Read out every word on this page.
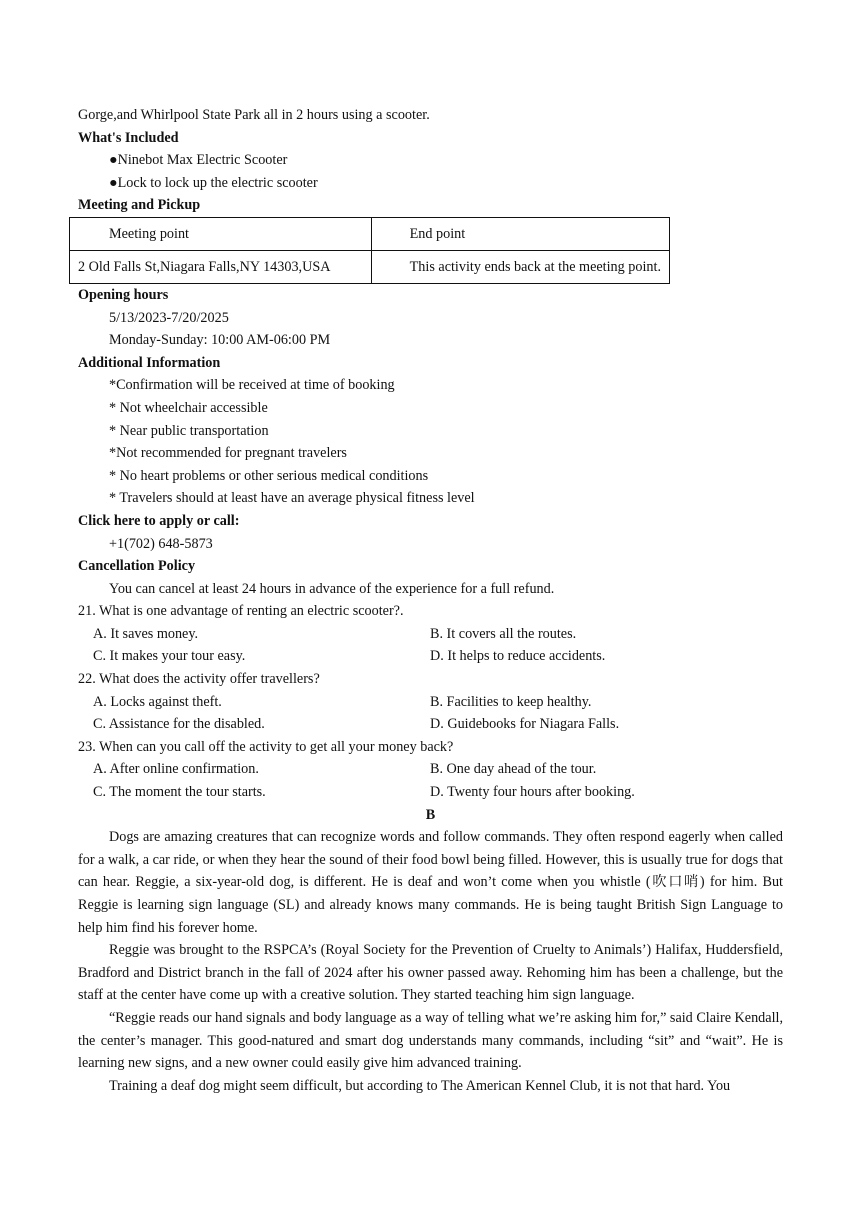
Gorge,and Whirlpool State Park all in 2 hours using a scooter.
What's Included
●Ninebot Max Electric Scooter
●Lock to lock up the electric scooter
Meeting and Pickup
Meeting point	End point
2 Old Falls St,Niagara Falls,NY 14303,USA	This activity ends back at the meeting point.
Opening hours
5/13/2023-7/20/2025
Monday-Sunday: 10:00 AM-06:00 PM
Additional Information
*Confirmation will be received at time of booking
* Not wheelchair accessible
* Near public transportation
*Not recommended for pregnant travelers
* No heart problems or other serious medical conditions
* Travelers should at least have an average physical fitness level
Click here to apply or call:
+1(702) 648-5873
Cancellation Policy
You can cancel at least 24 hours in advance of the experience for a full refund.
21. What is one advantage of renting an electric scooter?.
A. It saves money.	B. It covers all the routes.
C. It makes your tour easy.	D. It helps to reduce accidents.
22. What does the activity offer travellers?
A. Locks against theft.	B. Facilities to keep healthy.
C. Assistance for the disabled.	D. Guidebooks for Niagara Falls.
23. When can you call off the activity to get all your money back?
A. After online confirmation.	B. One day ahead of the tour.
C. The moment the tour starts.	D. Twenty four hours after booking.
B

Dogs are amazing creatures that can recognize words and follow commands. They often respond eagerly when called for a walk, a car ride, or when they hear the sound of their food bowl being filled. However, this is usually true for dogs that can hear. Reggie, a six-year-old dog, is different. He is deaf and won’t come when you whistle (吹口哨) for him. But Reggie is learning sign language (SL) and already knows many commands. He is being taught British Sign Language to help him find his forever home.

Reggie was brought to the RSPCA’s (Royal Society for the Prevention of Cruelty to Animals’) Halifax, Huddersfield, Bradford and District branch in the fall of 2024 after his owner passed away. Rehoming him has been a challenge, but the staff at the center have come up with a creative solution. They started teaching him sign language.

“Reggie reads our hand signals and body language as a way of telling what we’re asking him for,” said Claire Kendall, the center’s manager. This good-natured and smart dog understands many commands, including “sit” and “wait”. He is learning new signs, and a new owner could easily give him advanced training.

Training a deaf dog might seem difficult, but according to The American Kennel Club, it is not that hard. You
